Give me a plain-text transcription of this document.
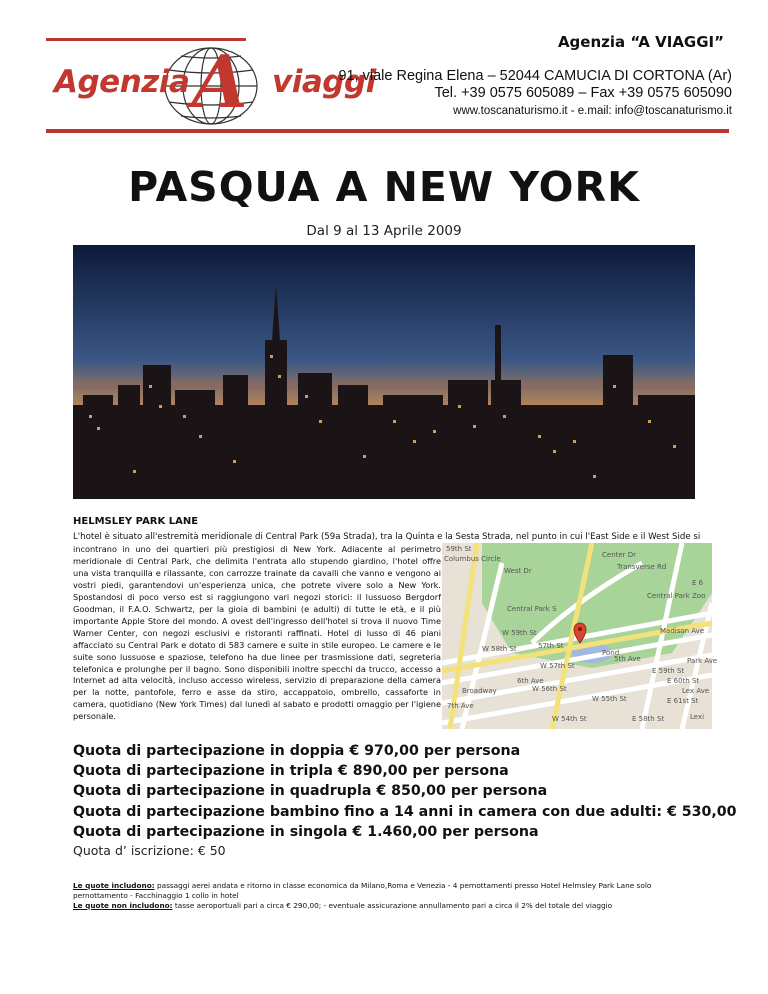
Agenzia A viaggi
Agenzia “A VIAGGI”
91, viale Regina Elena – 52044 CAMUCIA DI CORTONA (Ar)
Tel. +39 0575 605089 – Fax +39 0575 605090
www.toscanaturismo.it - e.mail: info@toscanaturismo.it
PASQUA A NEW YORK
Dal 9 al 13 Aprile 2009
HELMSLEY PARK LANE
L'hotel è situato all'estremità meridionale di Central Park (59a Strada), tra la Quinta e la Sesta Strada, nel punto in cui l'East Side e il West Side si
incontrano in uno dei quartieri più prestigiosi di New York. Adiacente al perimetro meridionale di Central Park, che delimita l'entrata allo stupendo giardino, l'hotel offre una vista tranquilla e rilassante, con carrozze trainate da cavalli che vanno e vengono ai vostri piedi, garantendovi un'esperienza unica, che potrete vivere solo a New York. Spostandosi di poco verso est si raggiungono vari negozi storici: il lussuoso Bergdorf Goodman, il F.A.O. Schwartz, per la gioia di bambini (e adulti) di tutte le età, e il più importante Apple Store del mondo. A ovest dell'ingresso dell'hotel si trova il nuovo Time Warner Center, con negozi esclusivi e ristoranti raffinati. Hotel di lusso di 46 piani affacciato su Central Park e dotato di 583 camere e suite in stile europeo. Le camere e le suite sono lussuose e spaziose, telefono ha due linee per trasmissione dati, segreteria telefonica e prolunghe per il bagno. Sono disponibili inoltre specchi da trucco, accesso a Internet ad alta velocità, incluso accesso wireless, servizio di preparazione della camera per la notte, pantofole, ferro e asse da stiro, accappatoio, ombrello, cassaforte in camera, quotidiano (New York Times) dal lunedì al sabato e prodotti omaggio per l'igiene personale.
Center Dr
Transverse Rd
Central Park S
W 59th St
W 58th St	57th St
W 57th St
W 56th St
W 55th St
W 54th St
Broadway
7th Ave
5th Ave
6th Ave
Madison Ave
Park Ave
Lex Ave
Central Park Zoo
Pond
Columbus Circle
West Dr
E 60th St
E 61st St
E 59th St
E 58th St
59th St
Lexi
E 6
Quota di partecipazione in doppia € 970,00 per persona
Quota di partecipazione in tripla € 890,00 per persona
Quota di partecipazione in quadrupla € 850,00 per persona
Quota di partecipazione bambino fino a 14 anni in camera con due adulti: € 530,00
Quota di partecipazione in singola € 1.460,00 per persona
Quota d’ iscrizione: € 50
Le quote includono: passaggi aerei andata e ritorno in classe economica da Milano,Roma e Venezia - 4 pernottamenti presso Hotel Helmsley Park Lane solo
pernottamento - Facchinaggio 1 collo in hotel
Le quote non includono: tasse aeroportuali pari a circa € 290,00; - eventuale assicurazione annullamento pari a circa il 2% del totale del viaggio
